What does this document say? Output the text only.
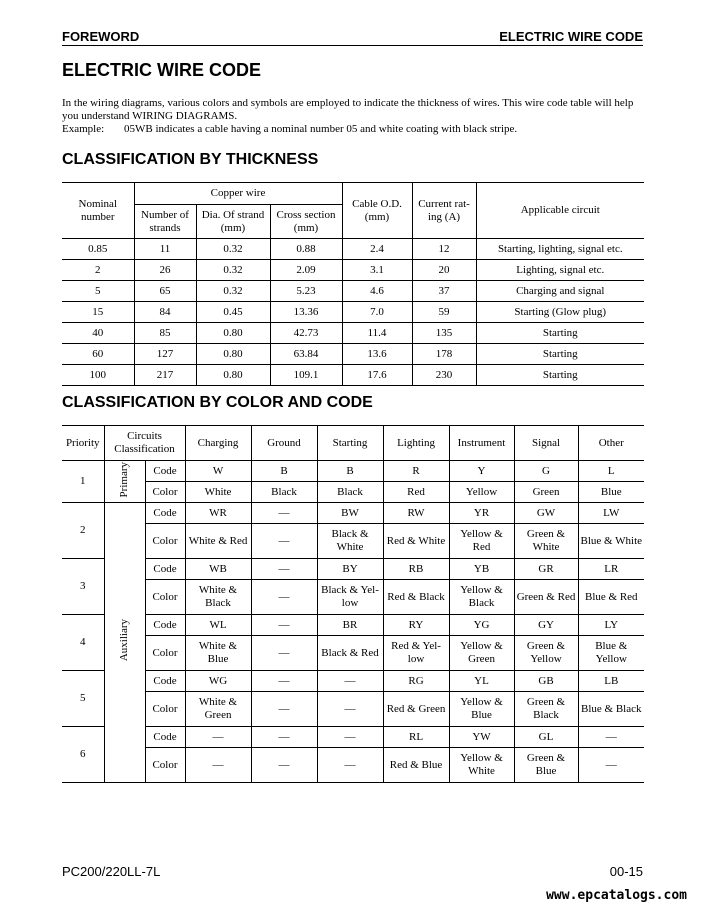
FOREWORD	ELECTRIC WIRE CODE
ELECTRIC WIRE CODE

In the wiring diagrams, various colors and symbols are employed to indicate the thickness of wires. This wire code table will help you understand WIRING DIAGRAMS.

Example: 05WB indicates a cable having a nominal number 05 and white coating with black stripe.

CLASSIFICATION BY THICKNESS
Nominal number	Copper wire			Cable O.D. (mm)	Current rat-ing (A)	Applicable circuit
	Number of strands	Dia. Of strand (mm)	Cross section (mm)			
0.85	11	0.32	0.88	2.4	12	Starting, lighting, signal etc.
2	26	0.32	2.09	3.1	20	Lighting, signal etc.
5	65	0.32	5.23	4.6	37	Charging and signal
15	84	0.45	13.36	7.0	59	Starting (Glow plug)
40	85	0.80	42.73	11.4	135	Starting
60	127	0.80	63.84	13.6	178	Starting
100	217	0.80	109.1	17.6	230	Starting
CLASSIFICATION BY COLOR AND CODE
Priority	Circuits Classification		Charging	Ground	Starting	Lighting	Instrument	Signal	Other
1	Primary	Code	W	B	B	R	Y	G	L
		Color	White	Black	Black	Red	Yellow	Green	Blue
2	Auxiliary	Code	WR	—	BW	RW	YR	GW	LW
		Color	White & Red	—	Black & White	Red & White	Yellow & Red	Green & White	Blue & White
3		Code	WB	—	BY	RB	YB	GR	LR
		Color	White & Black	—	Black & Yel-low	Red & Black	Yellow & Black	Green & Red	Blue & Red
4		Code	WL	—	BR	RY	YG	GY	LY
		Color	White & Blue	—	Black & Red	Red & Yel-low	Yellow & Green	Green & Yellow	Blue & Yellow
5		Code	WG	—	—	RG	YL	GB	LB
		Color	White & Green	—	—	Red & Green	Yellow & Blue	Green & Black	Blue & Black
6		Code	—	—	—	RL	YW	GL	—
		Color	—	—	—	Red & Blue	Yellow & White	Green & Blue	—
PC200/220LL-7L	00-15
www.epcatalogs.com
